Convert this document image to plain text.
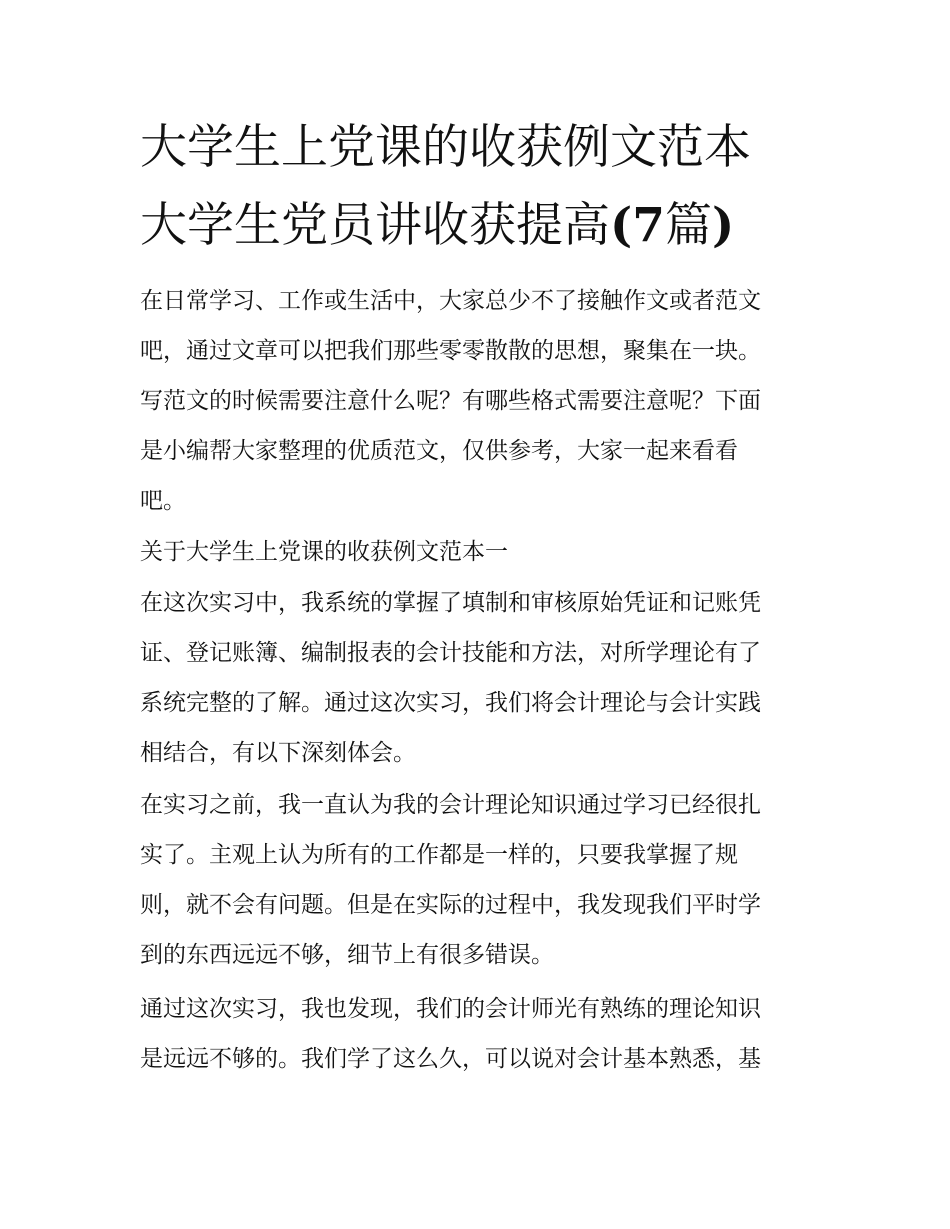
大学生上党课的收获例文范本
大学生党员讲收获提高(7篇)
在日常学习、工作或生活中，大家总少不了接触作文或者范文
吧，通过文章可以把我们那些零零散散的思想，聚集在一块。
写范文的时候需要注意什么呢？有哪些格式需要注意呢？下面
是小编帮大家整理的优质范文，仅供参考，大家一起来看看
吧。
关于大学生上党课的收获例文范本一
在这次实习中，我系统的掌握了填制和审核原始凭证和记账凭
证、登记账簿、编制报表的会计技能和方法，对所学理论有了
系统完整的了解。通过这次实习，我们将会计理论与会计实践
相结合，有以下深刻体会。
在实习之前，我一直认为我的会计理论知识通过学习已经很扎
实了。主观上认为所有的工作都是一样的，只要我掌握了规
则，就不会有问题。但是在实际的过程中，我发现我们平时学
到的东西远远不够，细节上有很多错误。
通过这次实习，我也发现，我们的会计师光有熟练的理论知识
是远远不够的。我们学了这么久，可以说对会计基本熟悉，基
